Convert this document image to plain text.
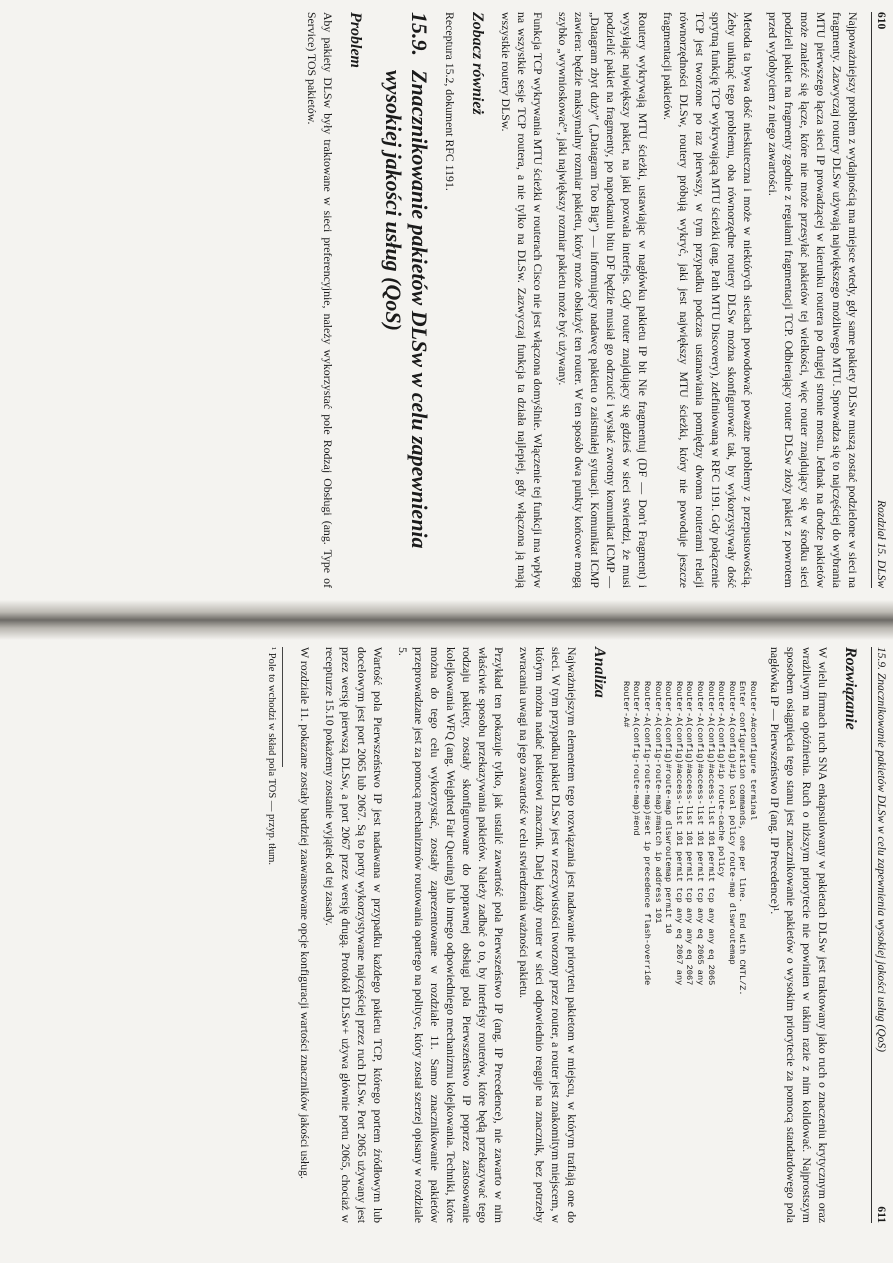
610
Rozdział 15. DLSw

Najpoważniejszy problem z wydajnością ma miejsce wtedy, gdy same pakiety DLSw muszą zostać podzielone w sieci na fragmenty. Zazwyczaj routery DLSw używają największego możliwego MTU. Sprowadza się to najczęściej do wybrania MTU pierwszego łącza sieci IP prowadzącej w kierunku routera po drugiej stronie mostu. Jednak na drodze pakietów może znaleźć się łącze, które nie może przesyłać pakietów tej wielkości, więc router znajdujący się w środku sieci podzieli pakiet na fragmenty zgodnie z regułami fragmentacji TCP. Odbierający router DLSw złoży pakiet z powrotem przed wydobyciem z niego zawartości.

Metoda ta bywa dość nieskuteczna i może w niektórych sieciach powodować poważne problemy z przepustowością. Żeby uniknąć tego problemu, oba równorzędne routery DLSw można skonfigurować tak, by wykorzystywały dość sprytną funkcję TCP wykrywającą MTU ścieżki (ang. Path MTU Discovery), zdefiniowaną w RFC 1191. Gdy połączenie TCP jest tworzone po raz pierwszy, w tym przypadku podczas ustanawiania pomiędzy dwoma routerami relacji równorzędności DLSw, routery próbują wykryć, jaki jest największy MTU ścieżki, który nie powoduje jeszcze fragmentacji pakietów.

Routery wykrywają MTU ścieżki, ustawiając w nagłówku pakietu IP bit Nie fragmentuj (DF — Don't Fragment) i wysyłając największy pakiet, na jaki pozwala interfejs. Gdy router znajdujący się gdzieś w sieci stwierdzi, że musi podzielić pakiet na fragmenty, po napotkaniu bitu DF będzie musiał go odrzucić i wysłać zwrotny komunikat ICMP — „Datagram zbyt duży” („Datagram Too Big”) — informujący nadawcę pakietu o zaistniałej sytuacji. Komunikat ICMP zawiera: będzie maksymalny rozmiar pakietu, który może obsłużyć ten router. W ten sposób dwa punkty końcowe mogą szybko „wywnioskować”, jaki największy rozmiar pakietu może być używany.

Funkcja TCP wykrywania MTU ścieżki w routerach Cisco nie jest włączona domyślnie. Włączenie tej funkcji ma wpływ na wszystkie sesje TCP routera, a nie tylko na DLSw. Zazwyczaj funkcja ta działa najlepiej, gdy włączona ją mają wszystkie routery DLSw.

Zobacz również

Receptura 15.2, dokument RFC 1191.

15.9.
Znacznikowanie pakietów DLSw w celu zapewnienia wysokiej jakości usług (QoS)
Problem

Aby pakiety DLSw były traktowane w sieci preferencyjnie, należy wykorzystać pole Rodzaj Obsługi (ang. Type of Service) TOS pakietów.

15.9. Znacznikowanie pakietów DLSw w celu zapewnienia wysokiej jakości usług (QoS)
611
Rozwiązanie

W wielu firmach ruch SNA enkapsulowany w pakietach DLSw jest traktowany jako ruch o znaczeniu krytycznym oraz wrażliwym na opóźnienia. Ruch o niższym priorytecie nie powinien w takim razie z nim kolidować. Najprostszym sposobem osiągnięcia tego stanu jest znacznikowanie pakietów o wysokim priorytecie za pomocą standardowego pola nagłówka IP — Pierwszeństwo IP (ang. IP Precedence)¹.

Router-A#configure terminal
Enter configuration commands, one per line.  End with CNTL/Z.
Router-A(config)#ip local policy route-map dlswroutemap
Router-A(config)#ip route-cache policy
Router-A(config)#access-list 101 permit tcp any any eq 2065
Router-A(config)#access-list 101 permit tcp any eq 2065 any
Router-A(config)#access-list 101 permit tcp any any eq 2067
Router-A(config)#access-list 101 permit tcp any eq 2067 any
Router-A(config)#route-map dlswroutemap permit 10
Router-A(config-route-map)#match ip address 101
Router-A(config-route-map)#set ip precedence flash-override
Router-A(config-route-map)#end
Router-A#
Analiza

Najważniejszym elementem tego rozwiązania jest nadawanie priorytetu pakietom w miejscu, w którym trafiają one do sieci. W tym przypadku pakiet DLSw jest w rzeczywistości tworzony przez router, a router jest znakomitym miejscem, w którym można nadać pakietowi znacznik. Dalej każdy router w sieci odpowiednio reaguje na znacznik, bez potrzeby zwracania uwagi na jego zawartość w celu stwierdzenia ważności pakietu.

Przykład ten pokazuje tylko, jak ustalić zawartość pola Pierwszeństwo IP (ang. IP Precedence), nie zawarto w nim właściwie sposobu przekazywania pakietów. Należy zadbać o to, by interfejsy routerów, które będą przekazywać tego rodzaju pakiety, zostały skonfigurowane do poprawnej obsługi pola Pierwszeństwo IP poprzez zastosowanie kolejkowania WFQ (ang. Weighted Fair Queuing) lub innego odpowiedniego mechanizmu kolejkowania. Techniki, które można do tego celu wykorzystać, zostały zaprezentowane w rozdziale 11. Samo znacznikowanie pakietów przeprowadzane jest za pomocą mechanizmów routowania opartego na polityce, który został szerzej opisany w rozdziale 5.

Wartość pola Pierwszeństwo IP jest nadawana w przypadku każdego pakietu TCP, którego portem źródłowym lub docelowym jest port 2065 lub 2067. Są to porty wykorzystywane najczęściej przez ruch DLSw. Port 2065 używany jest przez wersję pierwszą DLSw, a port 2067 przez wersję drugą. Protokół DLSw+ używa głównie portu 2065, chociaż w recepturze 15.10 pokażemy zostanie wyjątek od tej zasady.

W rozdziale 11. pokazane zostały bardziej zaawansowane opcje konfiguracji wartości znaczników jakości usług.

¹ Pole to wchodzi w skład pola TOS — przyp. tłum.
